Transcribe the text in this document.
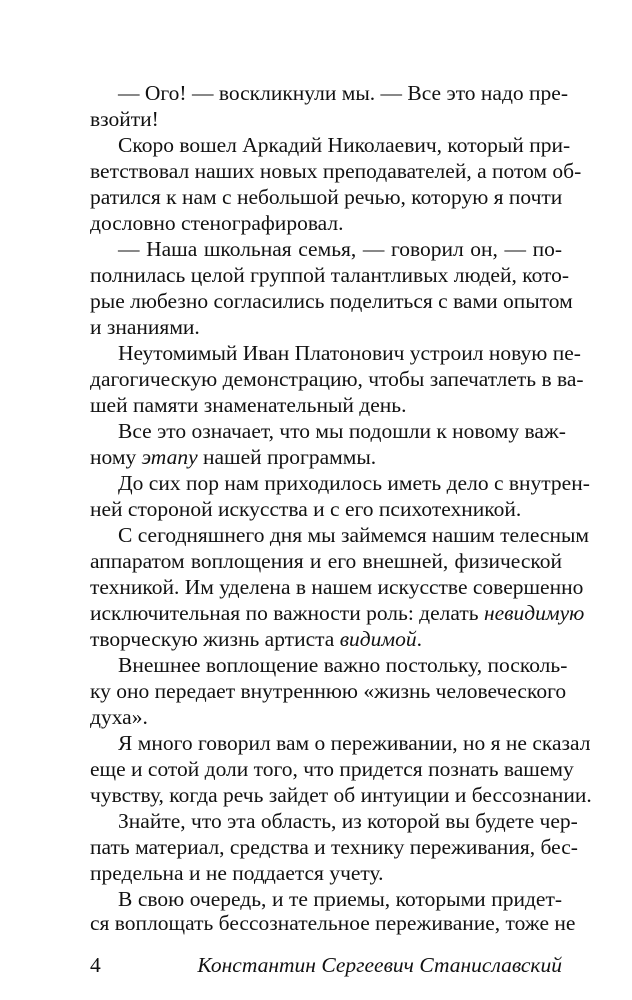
— Ого! — воскликнули мы. — Все это надо пре-
взойти!
Скоро вошел Аркадий Николаевич, который при-
ветствовал наших новых преподавателей, а потом об-
ратился к нам с небольшой речью, которую я почти
дословно стенографировал.
— Наша школьная семья, — говорил он, — по-
полнилась целой группой талантливых людей, кото-
рые любезно согласились поделиться с вами опытом
и знаниями.
Неутомимый Иван Платонович устроил новую пе-
дагогическую демонстрацию, чтобы запечатлеть в ва-
шей памяти знаменательный день.
Все это означает, что мы подошли к новому важ-
ному этапу нашей программы.
До сих пор нам приходилось иметь дело с внутрен-
ней стороной искусства и с его психотехникой.
С сегодняшнего дня мы займемся нашим телесным
аппаратом воплощения и его внешней, физической
техникой. Им уделена в нашем искусстве совершенно
исключительная по важности роль: делать невидимую
творческую жизнь артиста видимой.
Внешнее воплощение важно постольку, посколь-
ку оно передает внутреннюю «жизнь человеческого
духа».
Я много говорил вам о переживании, но я не сказал
еще и сотой доли того, что придется познать вашему
чувству, когда речь зайдет об интуиции и бессознании.
Знайте, что эта область, из которой вы будете чер-
пать материал, средства и технику переживания, бес-
предельна и не поддается учету.
В свою очередь, и те приемы, которыми придет-
ся воплощать бессознательное переживание, тоже не
4	Константин Сергеевич Станиславский
